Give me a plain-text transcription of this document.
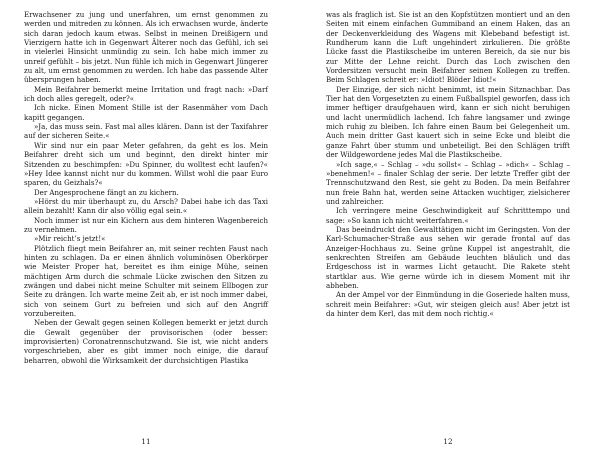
Erwachsener zu jung und unerfahren, um ernst genommen zu werden und mitreden zu können. Als ich erwachsen wurde, änderte sich daran jedoch kaum etwas. Selbst in meinen Dreißigern und Vierzigern hatte ich in Gegenwart Älterer noch das Gefühl, ich sei in vielerlei Hinsicht unmündig zu sein. Ich habe mich immer zu unreif gefühlt – bis jetzt. Nun fühle ich mich in Gegenwart Jüngerer zu alt, um ernst genommen zu werden. Ich habe das passende Alter übersprungen haben.

Mein Beifahrer bemerkt meine Irritation und fragt nach: »Darf ich doch alles geregelt, oder?«

Ich nicke. Einen Moment Stille ist der Rasenmäher vom Dach kapitt gegangen.

»Ja, das muss sein. Fast mal alles klären. Dann ist der Taxifahrer auf der sicheren Seite.«

Wir sind nur ein paar Meter gefahren, da geht es los. Mein Beifahrer dreht sich um und beginnt, den direkt hinter mir Sitzenden zu beschimpfen: »Du Spinner, du wolltest echt laufen?« »Hey Idee kannst nicht nur du kommen. Willst wohl die paar Euro sparen, du Geizhals?«

Der Angesprochene fängt an zu kichern.

»Hörst du mir überhaupt zu, du Arsch? Dabei habe ich das Taxi allein bezahlt! Kann dir also völlig egal sein.«

Noch immer ist nur ein Kichern aus dem hinteren Wagenbereich zu vernehmen.

»Mir reicht’s jetzt!«

Plötzlich fliegt mein Beifahrer an, mit seiner rechten Faust nach hinten zu schlagen. Da er einen ähnlich voluminösen Oberkörper wie Meister Proper hat, bereitet es ihm einige Mühe, seinen mächtigen Arm durch die schmale Lücke zwischen den Sitzen zu zwängen und dabei nicht meine Schulter mit seinem Ellbogen zur Seite zu drängen. Ich warte meine Zeit ab, er ist noch immer dabei, sich von seinem Gurt zu befreien und sich auf den Angriff vorzubereiten.

Neben der Gewalt gegen seinen Kollegen bemerkt er jetzt durch die Gewalt gegenüber der provisorischen (oder besser: improvisierten) Coronatrennschutzwand. Sie ist, wie nicht anders vorgeschrieben, aber es gibt immer noch einige, die darauf beharren, obwohl die Wirksamkeit der durchsichtigen Plastika

11

was als fraglich ist. Sie ist an den Kopfstützen montiert und an den Seiten mit einem einfachen Gummiband an einem Haken, das an der Deckenverkleidung des Wagens mit Klebeband befestigt ist. Rundherum kann die Luft ungehindert zirkulieren. Die größte Lücke fasst die Plastikscheibe im unteren Bereich, da sie nur bis zur Mitte der Lehne reicht. Durch das Loch zwischen den Vordersitzen versucht mein Beifahrer seinen Kollegen zu treffen. Beim Schlagen schreit er: »Idiot! Blöder Idiot!«

Der Einzige, der sich nicht benimmt, ist mein Sitznachbar. Das Tier hat den Vorgesetzten zu einem Fußballspiel geworfen, dass ich immer heftiger draufgehauen wird, kann er sich nicht beruhigen und lacht unermüdlich lachend. Ich fahre langsamer und zwinge mich ruhig zu bleiben. Ich fahre einen Baum bei Gelegenheit um. Auch mein dritter Gast kauert sich in seine Ecke und bleibt die ganze Fahrt über stumm und unbeteiligt. Bei den Schlägen trifft der Wildgewordene jedes Mal die Plastikscheibe.

»Ich sage,« – Schlag – »du sollst« – Schlag – »dich« – Schlag – »benehmen!« – finaler Schlag der serie. Der letzte Treffer gibt der Trennschutzwand den Rest, sie geht zu Boden. Da mein Beifahrer nun freie Bahn hat, werden seine Attacken wuchtiger, zielsicherer und zahlreicher.

Ich verringere meine Geschwindigkeit auf Schritttempo und sage: »So kann ich nicht weiterfahren.«

Das beeindruckt den Gewalttätigen nicht im Geringsten. Von der Karl-Schumacher-Straße aus sehen wir gerade frontal auf das Anzeiger-Hochhaus zu. Seine grüne Kuppel ist angestrahlt, die senkrechten Streifen am Gebäude leuchten bläulich und das Erdgeschoss ist in warmes Licht getaucht. Die Rakete steht startklar aus. Wie gerne würde ich in diesem Moment mit ihr abheben.

An der Ampel vor der Einmündung in die Goseriede halten muss, schreit mein Beifahrer: »Gut, wir steigen gleich aus! Aber jetzt ist da hinter dem Kerl, das mit dem noch richtig.«

12
